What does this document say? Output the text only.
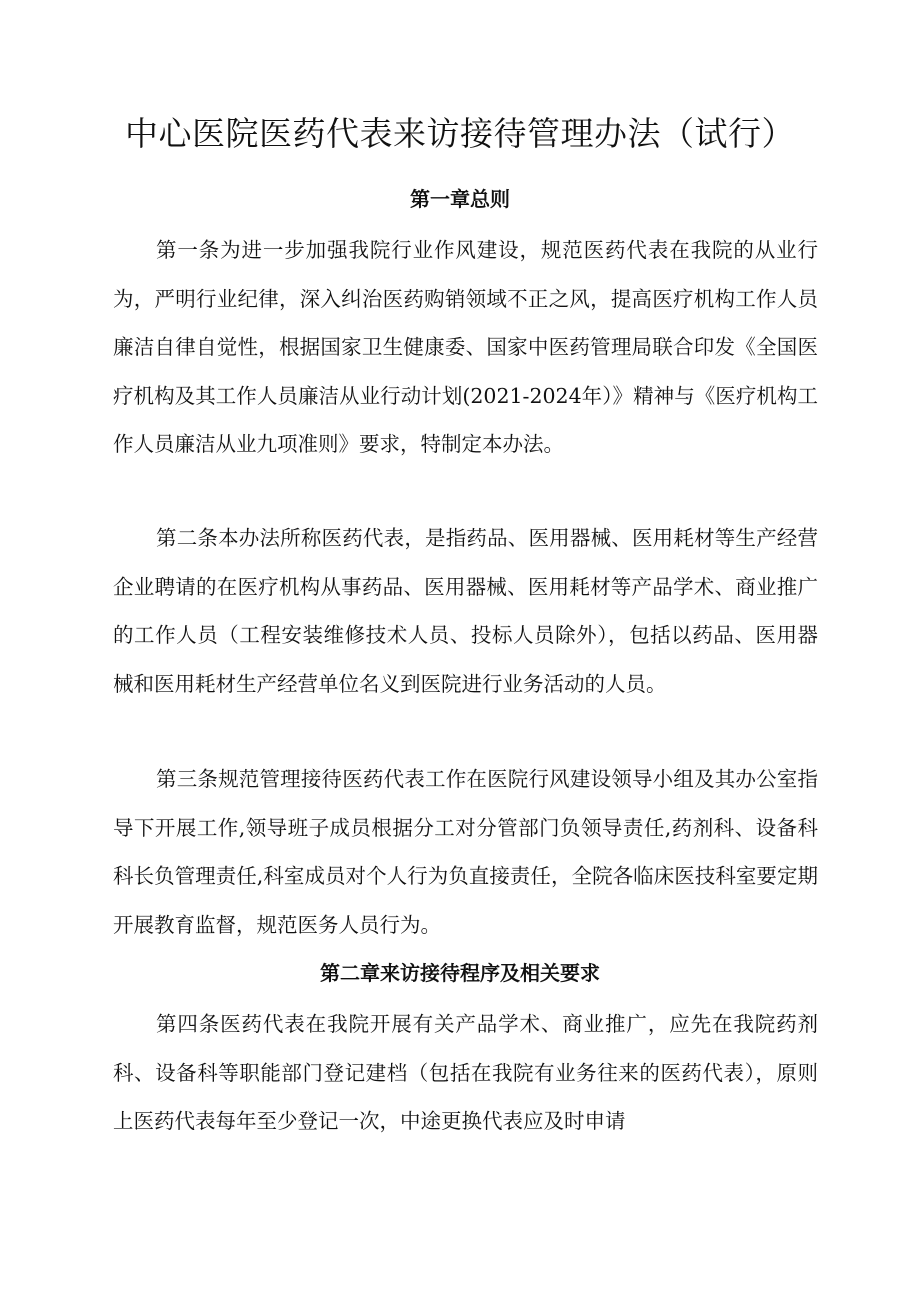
中心医院医药代表来访接待管理办法（试行）
第一章总则

第一条为进一步加强我院行业作风建设，规范医药代表在我院的从业行为，严明行业纪律，深入纠治医药购销领域不正之风，提高医疗机构工作人员廉洁自律自觉性，根据国家卫生健康委、国家中医药管理局联合印发《全国医疗机构及其工作人员廉洁从业行动计划(2021-2024年）》精神与《医疗机构工作人员廉洁从业九项准则》要求，特制定本办法。

第二条本办法所称医药代表，是指药品、医用器械、医用耗材等生产经营企业聘请的在医疗机构从事药品、医用器械、医用耗材等产品学术、商业推广的工作人员（工程安装维修技术人员、投标人员除外），包括以药品、医用器械和医用耗材生产经营单位名义到医院进行业务活动的人员。

第三条规范管理接待医药代表工作在医院行风建设领导小组及其办公室指导下开展工作,领导班子成员根据分工对分管部门负领导责任,药剂科、设备科科长负管理责任,科室成员对个人行为负直接责任，全院各临床医技科室要定期开展教育监督，规范医务人员行为。

第二章来访接待程序及相关要求

第四条医药代表在我院开展有关产品学术、商业推广，应先在我院药剂科、设备科等职能部门登记建档（包括在我院有业务往来的医药代表），原则上医药代表每年至少登记一次，中途更换代表应及时申请
